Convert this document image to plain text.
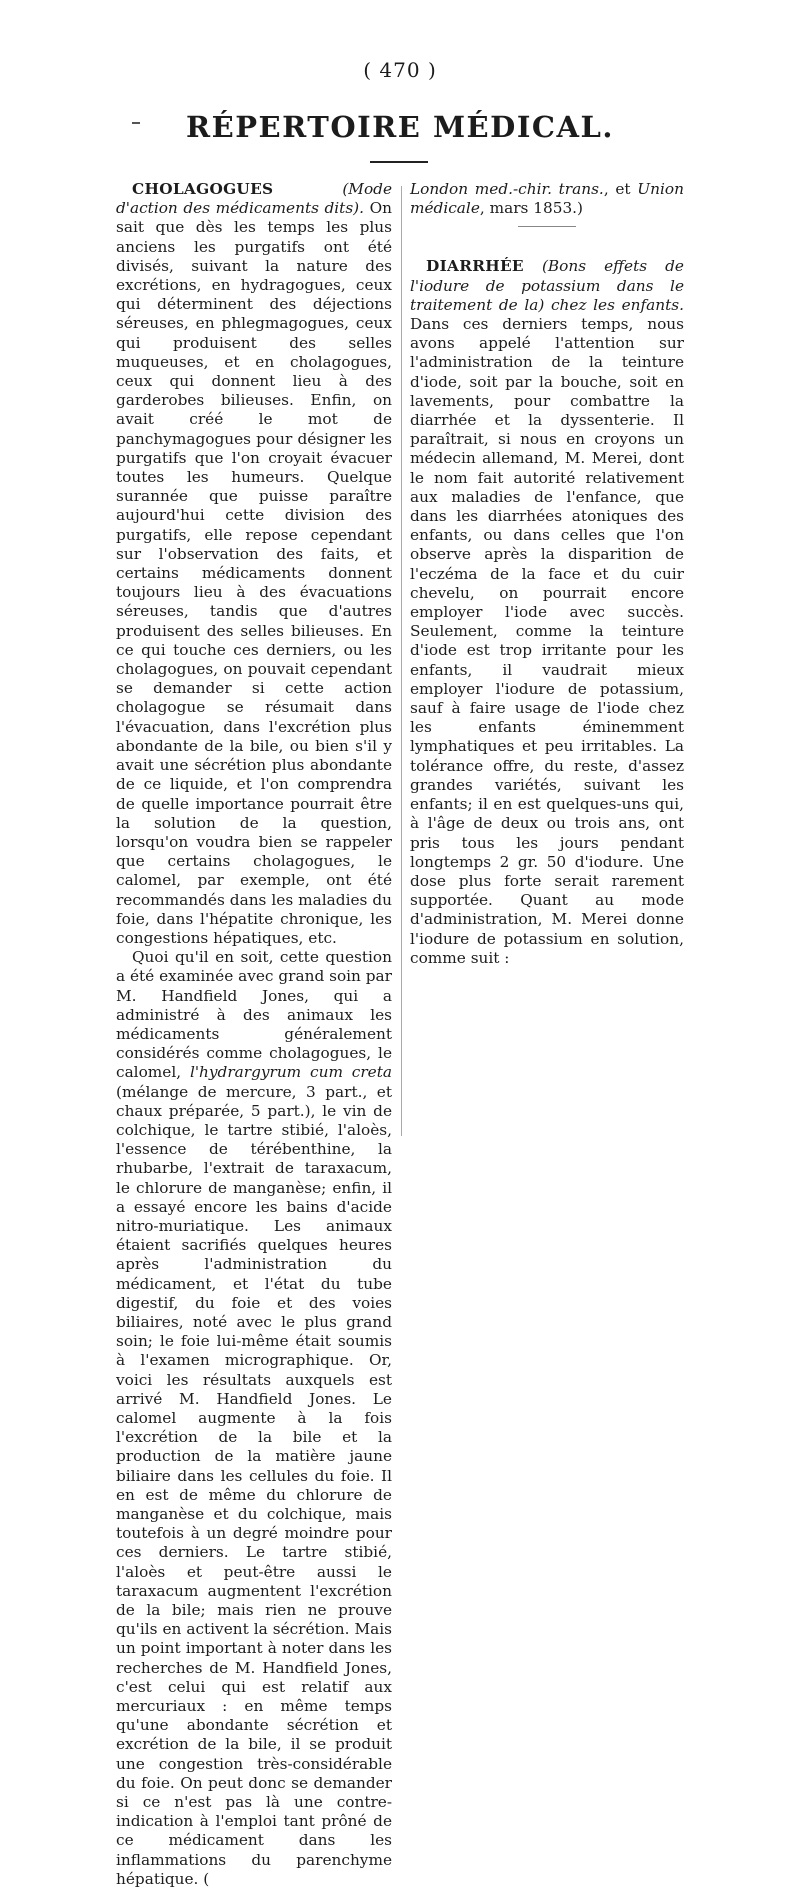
( 470 )
RÉPERTOIRE MÉDICAL.

CHOLAGOGUES	(Mode d'action des médicaments dits). On sait que dès les temps les plus anciens les purgatifs ont été divisés, suivant la nature des excrétions, en hydragogues, ceux qui déterminent des déjections séreuses, en phlegmagogues, ceux qui produisent des selles muqueuses, et en cholagogues, ceux qui donnent lieu à des garderobes bilieuses. Enfin, on avait créé le mot de panchymagogues pour désigner les purgatifs que l'on croyait évacuer toutes les humeurs. Quelque surannée que puisse paraître aujourd'hui cette division des purgatifs, elle repose cependant sur l'observation des faits, et certains médicaments donnent toujours lieu à des évacuations séreuses, tandis que d'autres produisent des selles bilieuses. En ce qui touche ces derniers, ou les cholagogues, on pouvait cependant se demander si cette action cholagogue se résumait dans l'évacuation, dans l'excrétion plus abondante de la bile, ou bien s'il y avait une sécrétion plus abondante de ce liquide, et l'on comprendra de quelle importance pourrait être la solution de la question, lorsqu'on voudra bien se rappeler que certains cholagogues, le calomel, par exemple, ont été recommandés dans les maladies du foie, dans l'hépatite chronique, les congestions hépatiques, etc.

Quoi qu'il en soit, cette question a été examinée avec grand soin par M. Handfield Jones, qui a administré à des animaux les médicaments généralement considérés comme cholagogues, le calomel, l'hydrargyrum cum creta (mélange de mercure, 3 part., et chaux préparée, 5 part.), le vin de colchique, le tartre stibié, l'aloès, l'essence de térébenthine, la rhubarbe, l'extrait de taraxacum, le chlorure de manganèse; enfin, il a essayé encore les bains d'acide nitro-muriatique. Les animaux étaient sacrifiés quelques heures après l'administration du médicament, et l'état du tube digestif, du foie et des voies biliaires, noté avec le plus grand soin; le foie lui-même était soumis à l'examen micrographique. Or, voici les résultats auxquels est arrivé M. Handfield Jones. Le calomel augmente à la fois l'excrétion de la bile et la production de la matière jaune biliaire dans les cellules du foie. Il en est de même du chlorure de manganèse et du colchique, mais toutefois à un degré moindre pour ces derniers. Le tartre stibié, l'aloès et peut-être aussi le taraxacum augmentent l'excrétion de la bile; mais rien ne prouve qu'ils en activent la sécrétion. Mais un point important à noter dans les recherches de M. Handfield Jones, c'est celui qui est relatif aux mercuriaux : en même temps qu'une abondante sécrétion et excrétion de la bile, il se produit une congestion très-considérable du foie. On peut donc se demander si ce n'est pas là une contre-indication à l'emploi tant prôné de ce médicament dans les inflammations du parenchyme hépatique. (

London med.-chir. trans., et Union médicale, mars 1853.)

DIARRHÉE (Bons effets de l'iodure de potassium dans le traitement de la) chez les enfants. Dans ces derniers temps, nous avons appelé l'attention sur l'administration de la teinture d'iode, soit par la bouche, soit en lavements, pour combattre la diarrhée et la dyssenterie. Il paraîtrait, si nous en croyons un médecin allemand, M. Merei, dont le nom fait autorité relativement aux maladies de l'enfance, que dans les diarrhées atoniques des enfants, ou dans celles que l'on observe après la disparition de l'eczéma de la face et du cuir chevelu, on pourrait encore employer l'iode avec succès. Seulement, comme la teinture d'iode est trop irritante pour les enfants, il vaudrait mieux employer l'iodure de potassium, sauf à faire usage de l'iode chez les enfants éminemment lymphatiques et peu irritables. La tolérance offre, du reste, d'assez grandes variétés, suivant les enfants; il en est quelques-uns qui, à l'âge de deux ou trois ans, ont pris tous les jours pendant longtemps 2 gr. 50 d'iodure. Une dose plus forte serait rarement supportée. Quant au mode d'administration, M. Merei donne l'iodure de potassium en solution, comme suit :
